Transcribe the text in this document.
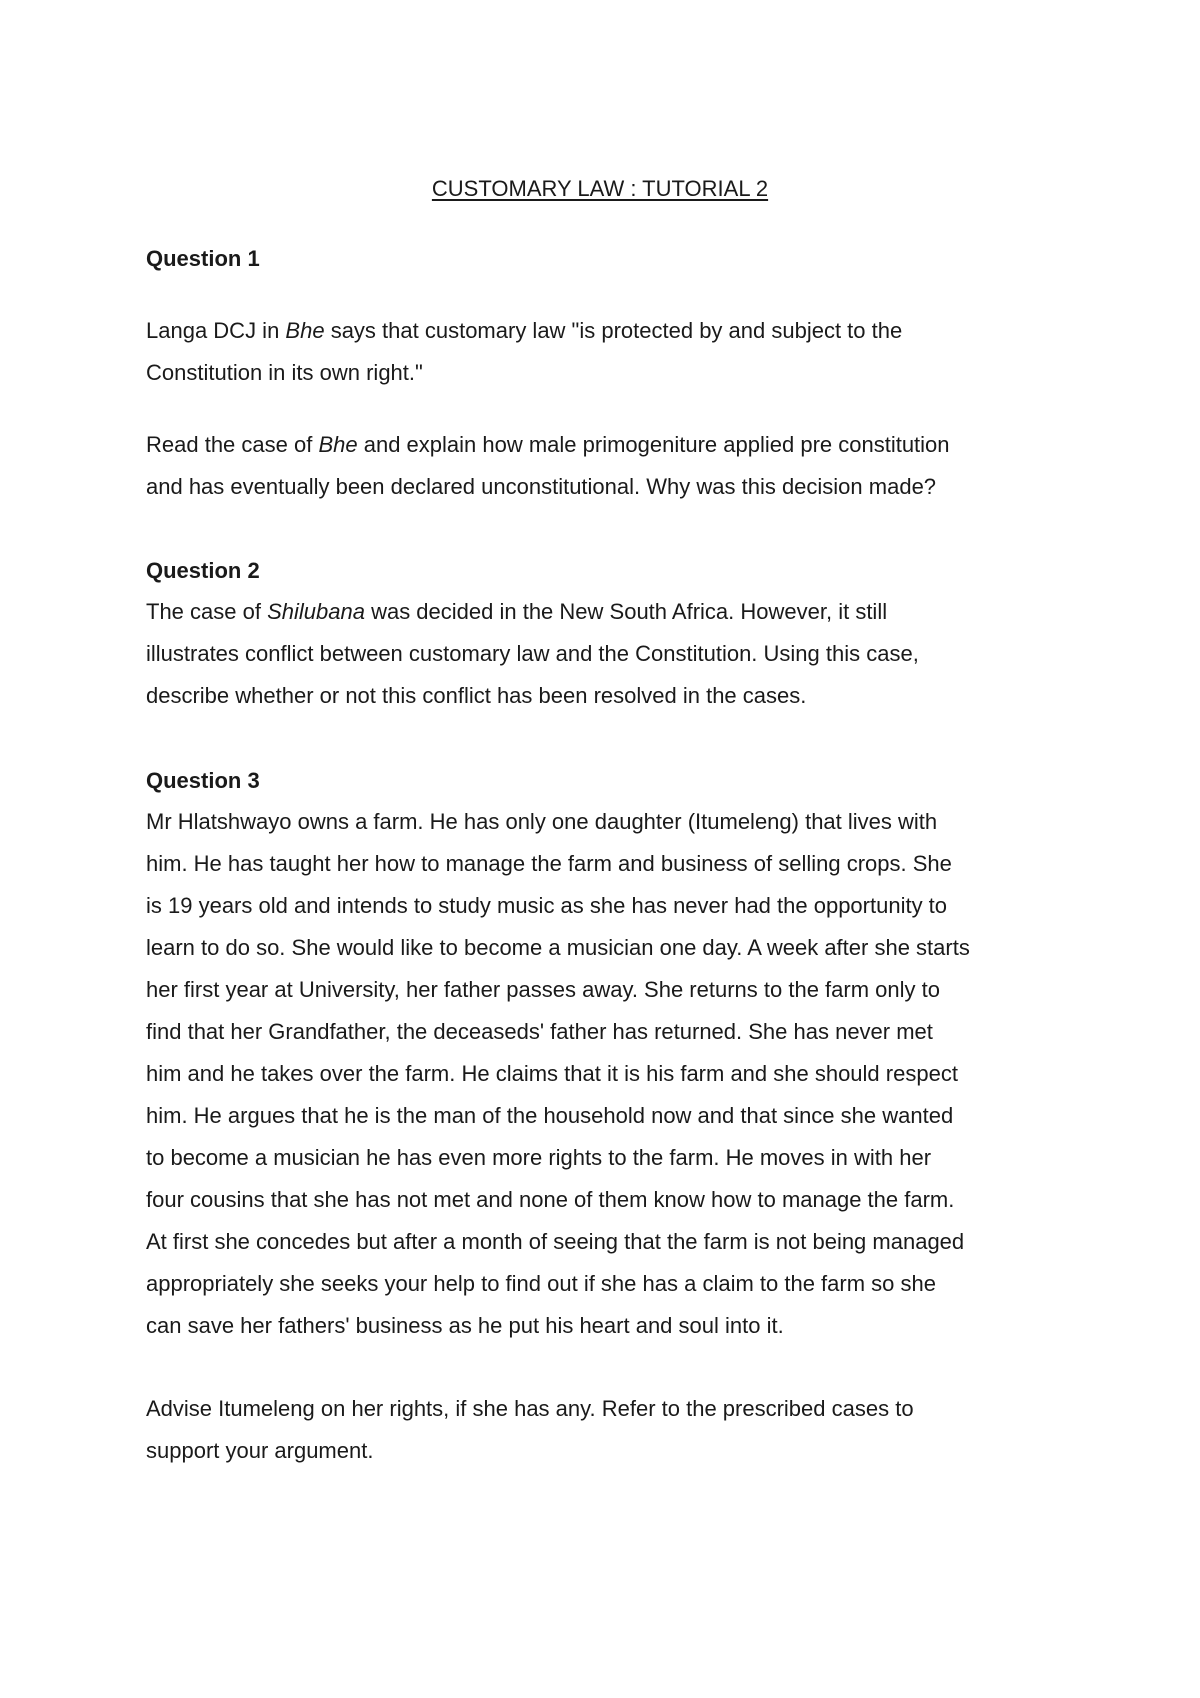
CUSTOMARY LAW : TUTORIAL 2

Question 1

Langa DCJ in Bhe says that customary law "is protected by and subject to the
Constitution in its own right."

Read the case of Bhe and explain how male primogeniture applied pre constitution
and has eventually been declared unconstitutional. Why was this decision made?

Question 2

The case of Shilubana was decided in the New South Africa. However, it still
illustrates conflict between customary law and the Constitution. Using this case,
describe whether or not this conflict has been resolved in the cases.

Question 3

Mr Hlatshwayo owns a farm. He has only one daughter (Itumeleng) that lives with
him. He has taught her how to manage the farm and business of selling crops. She
is 19 years old and intends to study music as she has never had the opportunity to
learn to do so. She would like to become a musician one day. A week after she starts
her first year at University, her father passes away. She returns to the farm only to
find that her Grandfather, the deceaseds' father has returned. She has never met
him and he takes over the farm. He claims that it is his farm and she should respect
him. He argues that he is the man of the household now and that since she wanted
to become a musician he has even more rights to the farm. He moves in with her
four cousins that she has not met and none of them know how to manage the farm.
At first she concedes but after a month of seeing that the farm is not being managed
appropriately she seeks your help to find out if she has a claim to the farm so she
can save her fathers' business as he put his heart and soul into it.

Advise Itumeleng on her rights, if she has any. Refer to the prescribed cases to
support your argument.
